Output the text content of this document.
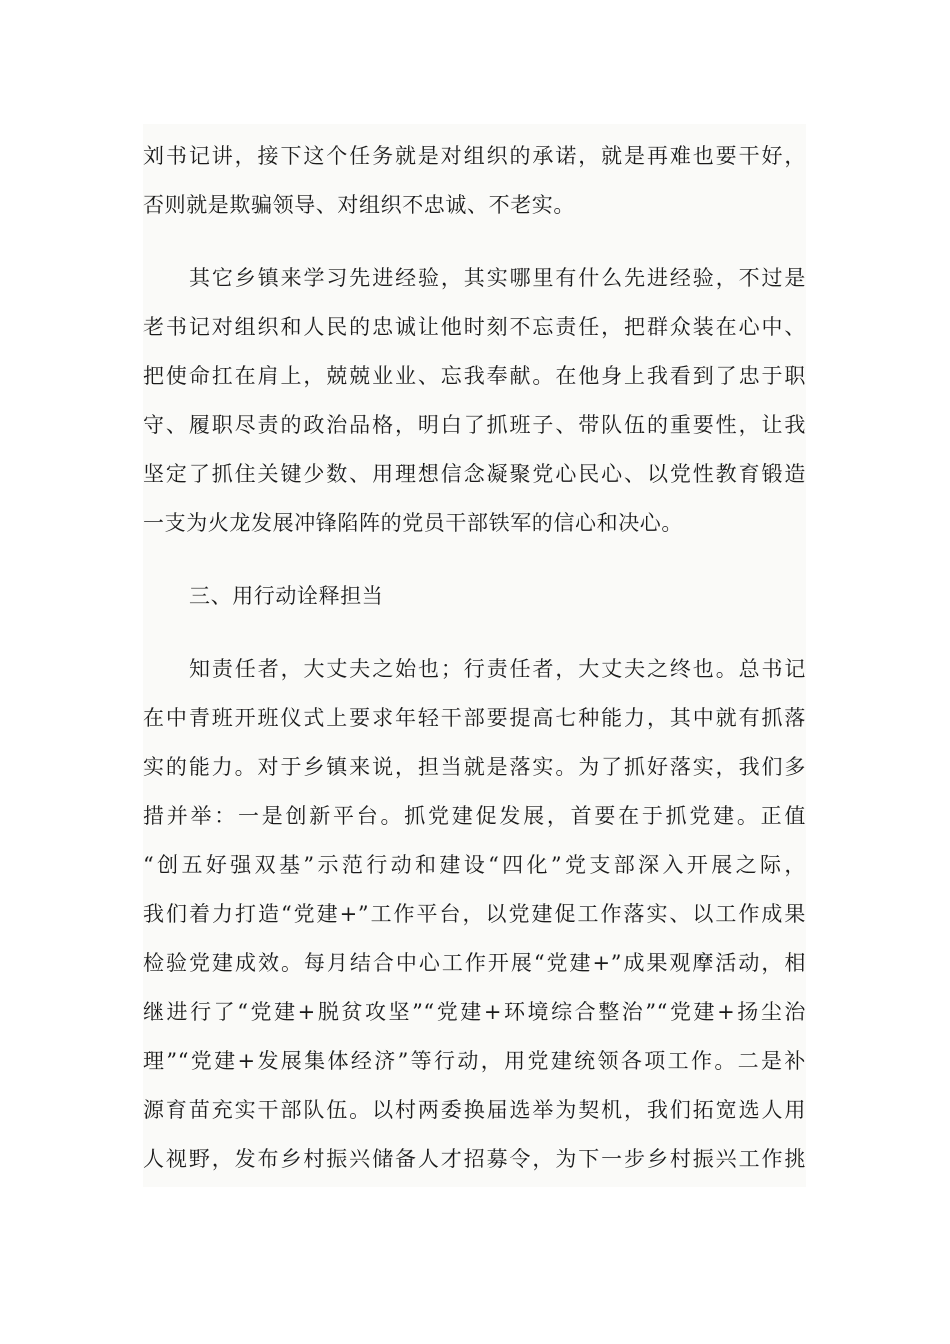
刘书记讲，接下这个任务就是对组织的承诺，就是再难也要干好，
否则就是欺骗领导、对组织不忠诚、不老实。
其它乡镇来学习先进经验，其实哪里有什么先进经验，不过是
老书记对组织和人民的忠诚让他时刻不忘责任，把群众装在心中、
把使命扛在肩上，兢兢业业、忘我奉献。在他身上我看到了忠于职
守、履职尽责的政治品格，明白了抓班子、带队伍的重要性，让我
坚定了抓住关键少数、用理想信念凝聚党心民心、以党性教育锻造
一支为火龙发展冲锋陷阵的党员干部铁军的信心和决心。
三、用行动诠释担当
知责任者，大丈夫之始也；行责任者，大丈夫之终也。总书记
在中青班开班仪式上要求年轻干部要提高七种能力，其中就有抓落
实的能力。对于乡镇来说，担当就是落实。为了抓好落实，我们多
措并举：一是创新平台。抓党建促发展，首要在于抓党建。正值
“创五好强双基”示范行动和建设“四化”党支部深入开展之际，
我们着力打造“党建+”工作平台，以党建促工作落实、以工作成果
检验党建成效。每月结合中心工作开展“党建+”成果观摩活动，相
继进行了“党建+脱贫攻坚”“党建+环境综合整治”“党建+扬尘治
理”“党建+发展集体经济”等行动，用党建统领各项工作。二是补
源育苗充实干部队伍。以村两委换届选举为契机，我们拓宽选人用
人视野，发布乡村振兴储备人才招募令，为下一步乡村振兴工作挑
